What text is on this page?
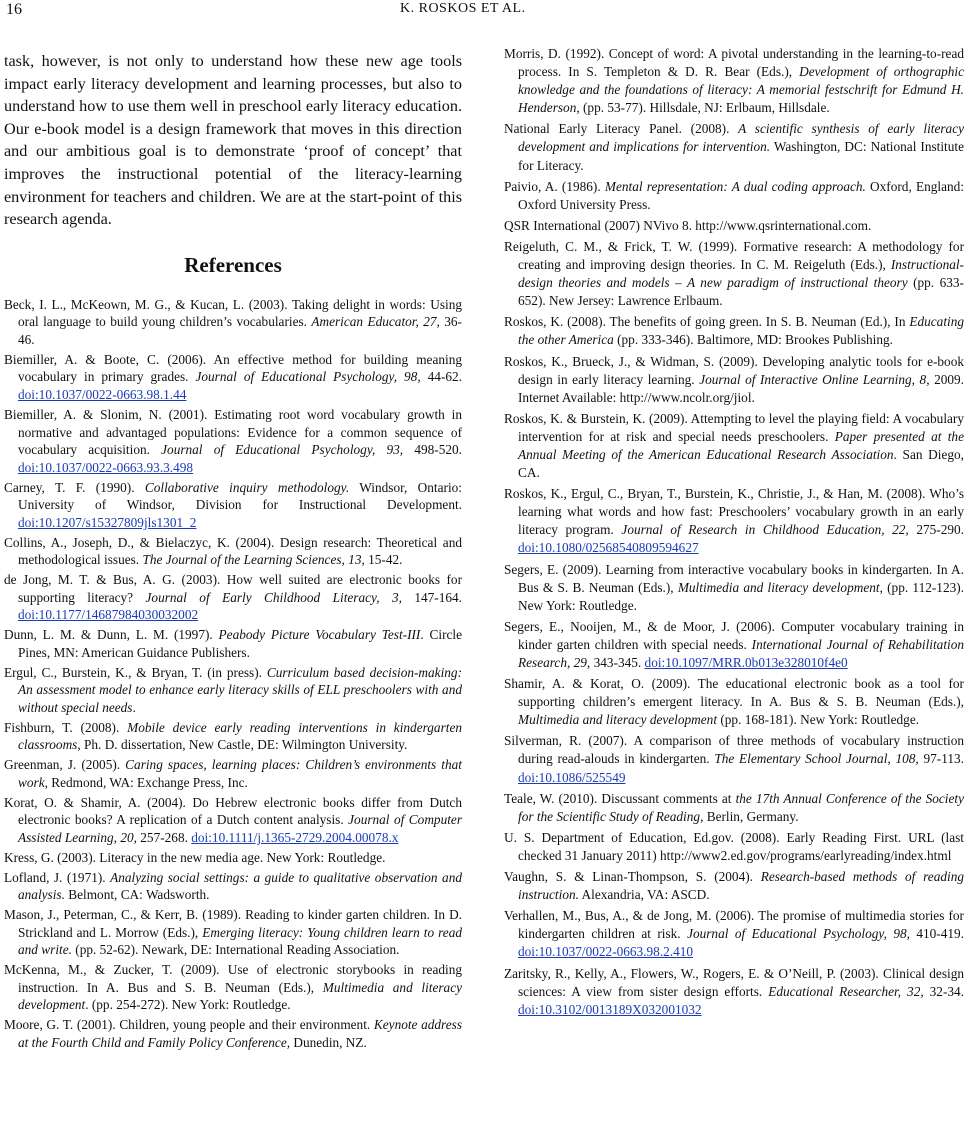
16	K. ROSKOS ET AL.

task, however, is not only to understand how these new age tools impact early literacy development and learning processes, but also to understand how to use them well in preschool early literacy education. Our e-book model is a design framework that moves in this direction and our ambitious goal is to demonstrate ‘proof of concept’ that improves the instructional potential of the literacy-learning environment for teachers and children. We are at the start-point of this research agenda.

References
Beck, I. L., McKeown, M. G., & Kucan, L. (2003). Taking delight in words: Using oral language to build young children’s vocabularies. American Educator, 27, 36-46.
Biemiller, A. & Boote, C. (2006). An effective method for building meaning vocabulary in primary grades. Journal of Educational Psychology, 98, 44-62. doi:10.1037/0022-0663.98.1.44
Biemiller, A. & Slonim, N. (2001). Estimating root word vocabulary growth in normative and advantaged populations: Evidence for a common sequence of vocabulary acquisition. Journal of Educational Psychology, 93, 498-520. doi:10.1037/0022-0663.93.3.498
Carney, T. F. (1990). Collaborative inquiry methodology. Windsor, Ontario: University of Windsor, Division for Instructional Development. doi:10.1207/s15327809jls1301_2
Collins, A., Joseph, D., & Bielaczyc, K. (2004). Design research: Theoretical and methodological issues. The Journal of the Learning Sciences, 13, 15-42.
de Jong, M. T. & Bus, A. G. (2003). How well suited are electronic books for supporting literacy? Journal of Early Childhood Literacy, 3, 147-164. doi:10.1177/14687984030032002
Dunn, L. M. & Dunn, L. M. (1997). Peabody Picture Vocabulary Test-III. Circle Pines, MN: American Guidance Publishers.
Ergul, C., Burstein, K., & Bryan, T. (in press). Curriculum based decision-making: An assessment model to enhance early literacy skills of ELL preschoolers with and without special needs.
Fishburn, T. (2008). Mobile device early reading interventions in kindergarten classrooms, Ph. D. dissertation, New Castle, DE: Wilmington University.
Greenman, J. (2005). Caring spaces, learning places: Children’s environments that work, Redmond, WA: Exchange Press, Inc.
Korat, O. & Shamir, A. (2004). Do Hebrew electronic books differ from Dutch electronic books? A replication of a Dutch content analysis. Journal of Computer Assisted Learning, 20, 257-268. doi:10.1111/j.1365-2729.2004.00078.x
Kress, G. (2003). Literacy in the new media age. New York: Routledge.
Lofland, J. (1971). Analyzing social settings: a guide to qualitative observation and analysis. Belmont, CA: Wadsworth.
Mason, J., Peterman, C., & Kerr, B. (1989). Reading to kinder garten children. In D. Strickland and L. Morrow (Eds.), Emerging literacy: Young children learn to read and write. (pp. 52-62). Newark, DE: International Reading Association.
McKenna, M., & Zucker, T. (2009). Use of electronic storybooks in reading instruction. In A. Bus and S. B. Neuman (Eds.), Multimedia and literacy development. (pp. 254-272). New York: Routledge.
Moore, G. T. (2001). Children, young people and their environment. Keynote address at the Fourth Child and Family Policy Conference, Dunedin, NZ.
Morris, D. (1992). Concept of word: A pivotal understanding in the learning-to-read process. In S. Templeton & D. R. Bear (Eds.), Development of orthographic knowledge and the foundations of literacy: A memorial festschrift for Edmund H. Henderson, (pp. 53-77). Hillsdale, NJ: Erlbaum, Hillsdale.
National Early Literacy Panel. (2008). A scientific synthesis of early literacy development and implications for intervention. Washington, DC: National Institute for Literacy.
Paivio, A. (1986). Mental representation: A dual coding approach. Oxford, England: Oxford University Press.
QSR International (2007) NVivo 8. http://www.qsrinternational.com.
Reigeluth, C. M., & Frick, T. W. (1999). Formative research: A methodology for creating and improving design theories. In C. M. Reigeluth (Eds.), Instructional-design theories and models – A new paradigm of instructional theory (pp. 633-652). New Jersey: Lawrence Erlbaum.
Roskos, K. (2008). The benefits of going green. In S. B. Neuman (Ed.), In Educating the other America (pp. 333-346). Baltimore, MD: Brookes Publishing.
Roskos, K., Brueck, J., & Widman, S. (2009). Developing analytic tools for e-book design in early literacy learning. Journal of Interactive Online Learning, 8, 2009. Internet Available: http://www.ncolr.org/jiol.
Roskos, K. & Burstein, K. (2009). Attempting to level the playing field: A vocabulary intervention for at risk and special needs preschoolers. Paper presented at the Annual Meeting of the American Educational Research Association. San Diego, CA.
Roskos, K., Ergul, C., Bryan, T., Burstein, K., Christie, J., & Han, M. (2008). Who’s learning what words and how fast: Preschoolers’ vocabulary growth in an early literacy program. Journal of Research in Childhood Education, 22, 275-290. doi:10.1080/02568540809594627
Segers, E. (2009). Learning from interactive vocabulary books in kindergarten. In A. Bus & S. B. Neuman (Eds.), Multimedia and literacy development, (pp. 112-123). New York: Routledge.
Segers, E., Nooijen, M., & de Moor, J. (2006). Computer vocabulary training in kinder garten children with special needs. International Journal of Rehabilitation Research, 29, 343-345. doi:10.1097/MRR.0b013e328010f4e0
Shamir, A. & Korat, O. (2009). The educational electronic book as a tool for supporting children’s emergent literacy. In A. Bus & S. B. Neuman (Eds.), Multimedia and literacy development (pp. 168-181). New York: Routledge.
Silverman, R. (2007). A comparison of three methods of vocabulary instruction during read-alouds in kindergarten. The Elementary School Journal, 108, 97-113. doi:10.1086/525549
Teale, W. (2010). Discussant comments at the 17th Annual Conference of the Society for the Scientific Study of Reading, Berlin, Germany.
U. S. Department of Education, Ed.gov. (2008). Early Reading First. URL (last checked 31 January 2011) http://www2.ed.gov/programs/earlyreading/index.html
Vaughn, S. & Linan-Thompson, S. (2004). Research-based methods of reading instruction. Alexandria, VA: ASCD.
Verhallen, M., Bus, A., & de Jong, M. (2006). The promise of multimedia stories for kindergarten children at risk. Journal of Educational Psychology, 98, 410-419. doi:10.1037/0022-0663.98.2.410
Zaritsky, R., Kelly, A., Flowers, W., Rogers, E. & O’Neill, P. (2003). Clinical design sciences: A view from sister design efforts. Educational Researcher, 32, 32-34. doi:10.3102/0013189X032001032
